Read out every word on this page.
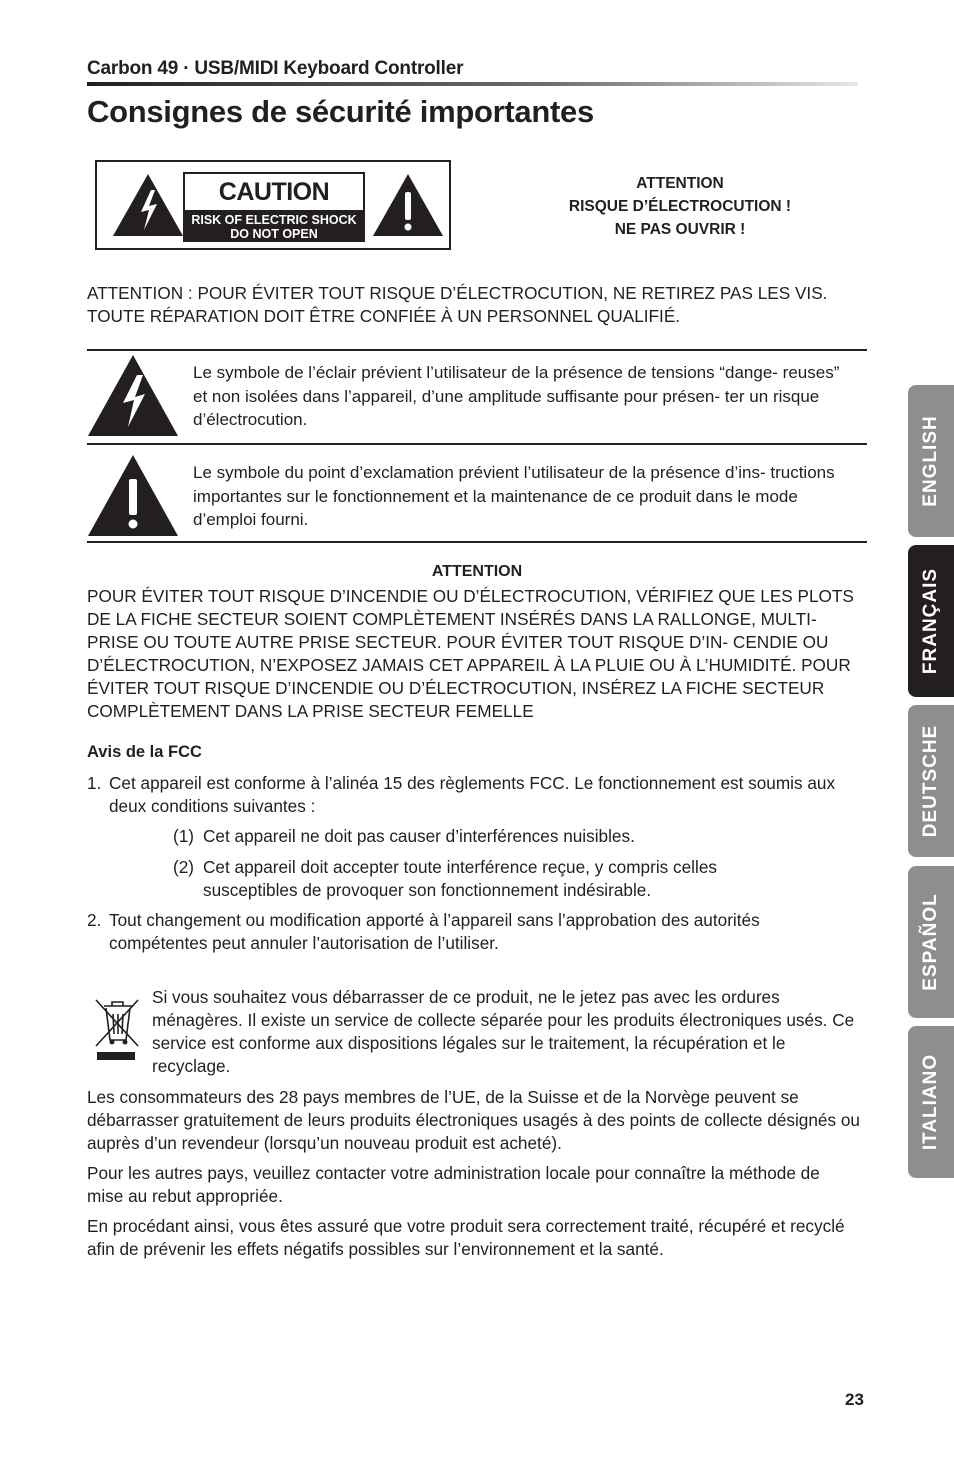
Carbon 49 · USB/MIDI Keyboard Controller
Consignes de sécurité importantes
CAUTION
RISK OF ELECTRIC SHOCK
DO NOT OPEN
ATTENTION
RISQUE D’ÉLECTROCUTION !
NE PAS OUVRIR !
ATTENTION : POUR ÉVITER TOUT RISQUE D’ÉLECTROCUTION, NE RETIREZ PAS LES VIS. TOUTE RÉPARATION DOIT ÊTRE CONFIÉE À UN PERSONNEL QUALIFIÉ.
Le symbole de l’éclair prévient l’utilisateur de la présence de tensions “dange- reuses” et non isolées dans l’appareil, d’une amplitude suffisante pour présen- ter un risque d’électrocution.
Le symbole du point d’exclamation prévient l’utilisateur de la présence d’ins- tructions importantes sur le fonctionnement et la maintenance de ce produit dans le mode d’emploi fourni.
ATTENTION
POUR ÉVITER TOUT RISQUE D’INCENDIE OU D’ÉLECTROCUTION, VÉRIFIEZ QUE LES PLOTS DE LA FICHE SECTEUR SOIENT COMPLÈTEMENT INSÉRÉS DANS LA RALLONGE, MULTI-PRISE OU TOUTE AUTRE PRISE SECTEUR. POUR ÉVITER TOUT RISQUE D’IN- CENDIE OU D’ÉLECTROCUTION, N’EXPOSEZ JAMAIS CET APPAREIL À LA PLUIE OU À L’HUMIDITÉ. POUR ÉVITER TOUT RISQUE D’INCENDIE OU D’ÉLECTROCUTION, INSÉREZ LA FICHE SECTEUR COMPLÈTEMENT DANS LA PRISE SECTEUR FEMELLE
Avis de la FCC
1. Cet appareil est conforme à l’alinéa 15 des règlements FCC. Le fonctionnement est soumis aux deux conditions suivantes :
(1) Cet appareil ne doit pas causer d’interférences nuisibles.
(2) Cet appareil doit accepter toute interférence reçue, y compris celles susceptibles de provoquer son fonctionnement indésirable.
2. Tout changement ou modification apporté à l’appareil sans l’approbation des autorités compétentes peut annuler l’autorisation de l’utiliser.
Si vous souhaitez vous débarrasser de ce produit, ne le jetez pas avec les ordures ménagères. Il existe un service de collecte séparée pour les produits électroniques usés. Ce service est conforme aux dispositions légales sur le traitement, la récupération et le recyclage.
Les consommateurs des 28 pays membres de l’UE, de la Suisse et de la Norvège peuvent se débarrasser gratuitement de leurs produits électroniques usagés à des points de collecte désignés ou auprès d’un revendeur (lorsqu’un nouveau produit est acheté).
Pour les autres pays, veuillez contacter votre administration locale pour connaître la méthode de mise au rebut appropriée.
En procédant ainsi, vous êtes assuré que votre produit sera correctement traité, récupéré et recyclé afin de prévenir les effets négatifs possibles sur l’environnement et la santé.
ENGLISH
FRANÇAIS
DEUTSCHE
ESPAÑOL
ITALIANO
23
